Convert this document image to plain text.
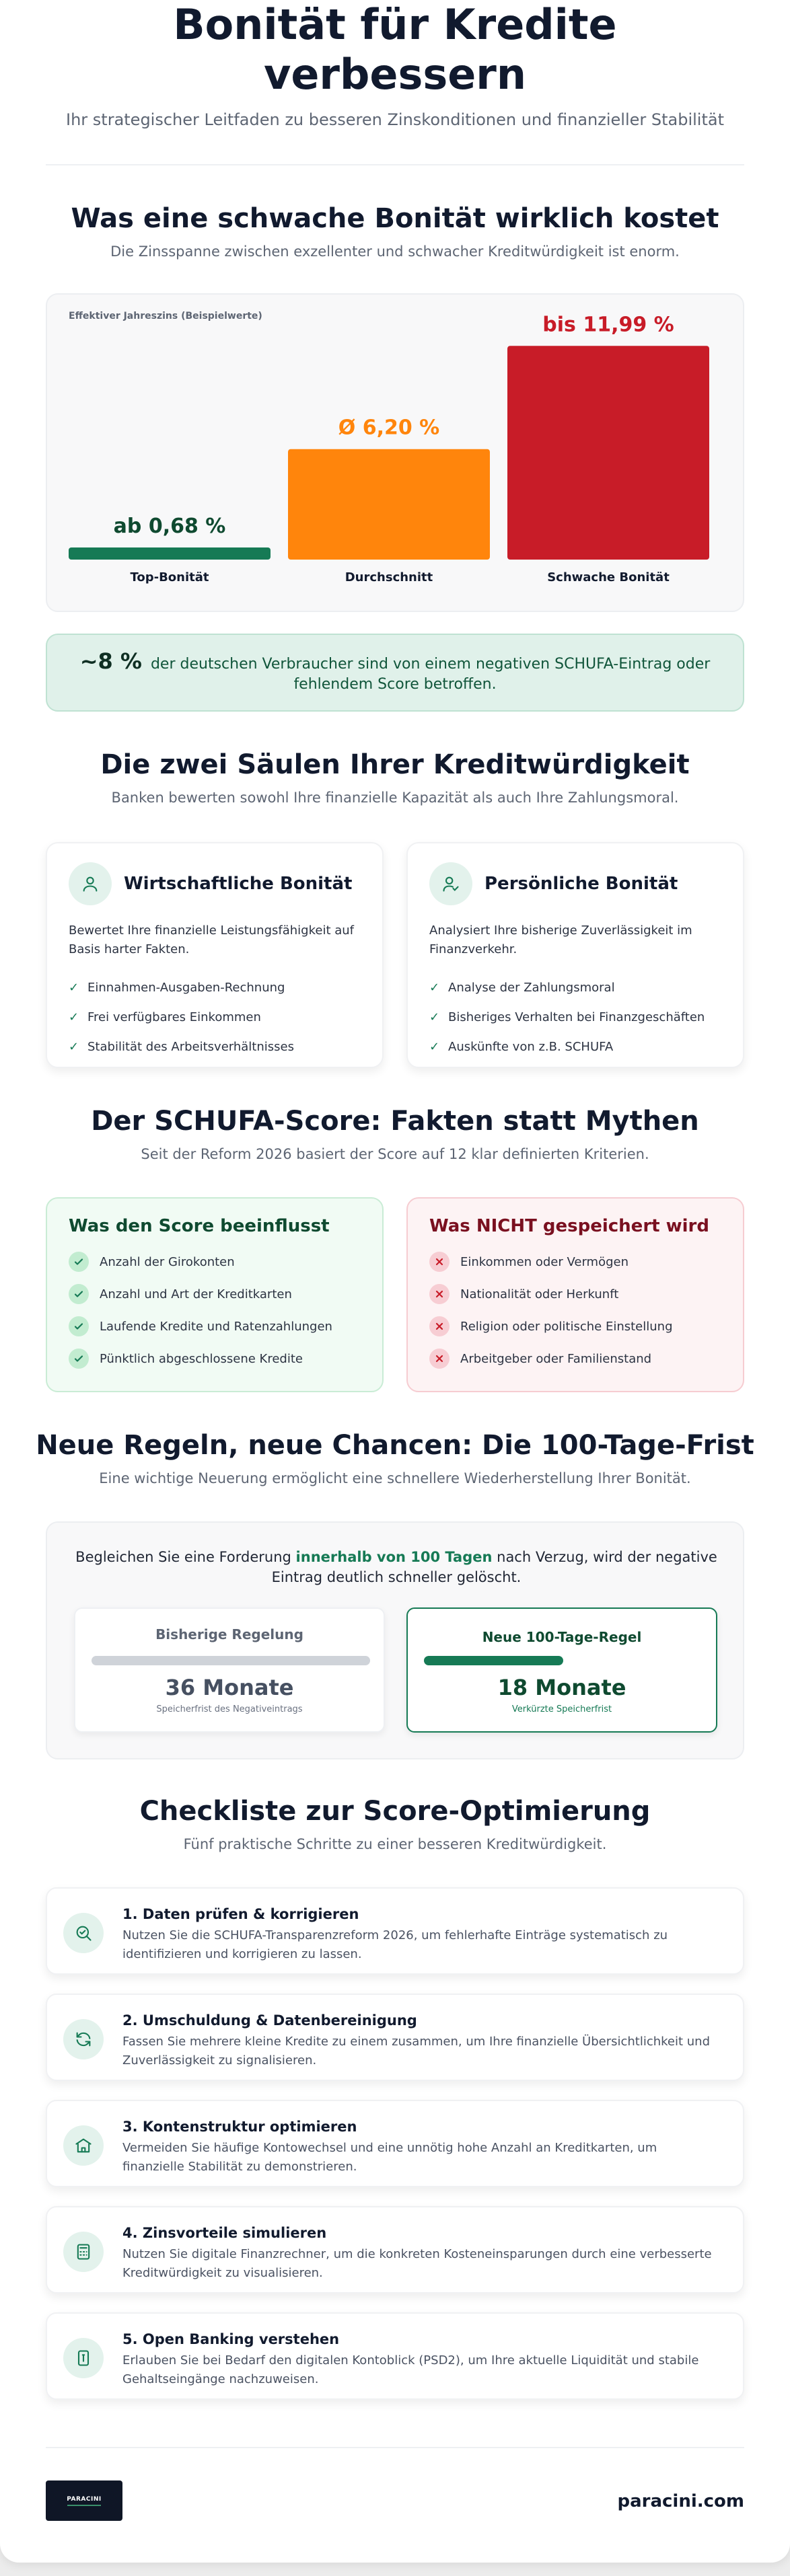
Bonität für Kredite
verbessern
Ihr strategischer Leitfaden zu besseren Zinskonditionen und finanzieller Stabilität
Was eine schwache Bonität wirklich kostet
Die Zinsspanne zwischen exzellenter und schwacher Kreditwürdigkeit ist enorm.
ab 0,68 %
Top-Bonität
Ø 6,20 %
Durchschnitt
bis 11,99 %
Schwache Bonität
Effektiver Jahreszins (Beispielwerte)
~8 % der deutschen Verbraucher sind von einem negativen SCHUFA-Eintrag oder fehlendem Score betroffen.
Die zwei Säulen Ihrer Kreditwürdigkeit
Banken bewerten sowohl Ihre finanzielle Kapazität als auch Ihre Zahlungsmoral.
Wirtschaftliche Bonität
Bewertet Ihre finanzielle Leistungsfähigkeit auf Basis harter Fakten.
✓ Einnahmen-Ausgaben-Rechnung
✓ Frei verfügbares Einkommen
✓ Stabilität des Arbeitsverhältnisses
Persönliche Bonität
Analysiert Ihre bisherige Zuverlässigkeit im Finanzverkehr.
✓ Analyse der Zahlungsmoral
✓ Bisheriges Verhalten bei Finanzgeschäften
✓ Auskünfte von z.B. SCHUFA
Der SCHUFA-Score: Fakten statt Mythen
Seit der Reform 2026 basiert der Score auf 12 klar definierten Kriterien.
Was den Score beeinflusst
Anzahl der Girokonten
Anzahl und Art der Kreditkarten
Laufende Kredite und Ratenzahlungen
Pünktlich abgeschlossene Kredite
Was NICHT gespeichert wird
Einkommen oder Vermögen
Nationalität oder Herkunft
Religion oder politische Einstellung
Arbeitgeber oder Familienstand
Neue Regeln, neue Chancen: Die 100-Tage-Frist
Eine wichtige Neuerung ermöglicht eine schnellere Wiederherstellung Ihrer Bonität.
Begleichen Sie eine Forderung innerhalb von 100 Tagen nach Verzug, wird der negative Eintrag deutlich schneller gelöscht.
Bisherige Regelung
36 Monate
Speicherfrist des Negativeintrags
Neue 100-Tage-Regel
18 Monate
Verkürzte Speicherfrist
Checkliste zur Score-Optimierung
Fünf praktische Schritte zu einer besseren Kreditwürdigkeit.
1. Daten prüfen & korrigieren
Nutzen Sie die SCHUFA-Transparenzreform 2026, um fehlerhafte Einträge systematisch zu identifizieren und korrigieren zu lassen.
2. Umschuldung & Datenbereinigung
Fassen Sie mehrere kleine Kredite zu einem zusammen, um Ihre finanzielle Übersichtlichkeit und Zuverlässigkeit zu signalisieren.
3. Kontenstruktur optimieren
Vermeiden Sie häufige Kontowechsel und eine unnötig hohe Anzahl an Kreditkarten, um finanzielle Stabilität zu demonstrieren.
4. Zinsvorteile simulieren
Nutzen Sie digitale Finanzrechner, um die konkreten Kosteneinsparungen durch eine verbesserte Kreditwürdigkeit zu visualisieren.
5. Open Banking verstehen
Erlauben Sie bei Bedarf den digitalen Kontoblick (PSD2), um Ihre aktuelle Liquidität und stabile Gehaltseingänge nachzuweisen.
PARACINI	paracini.com
